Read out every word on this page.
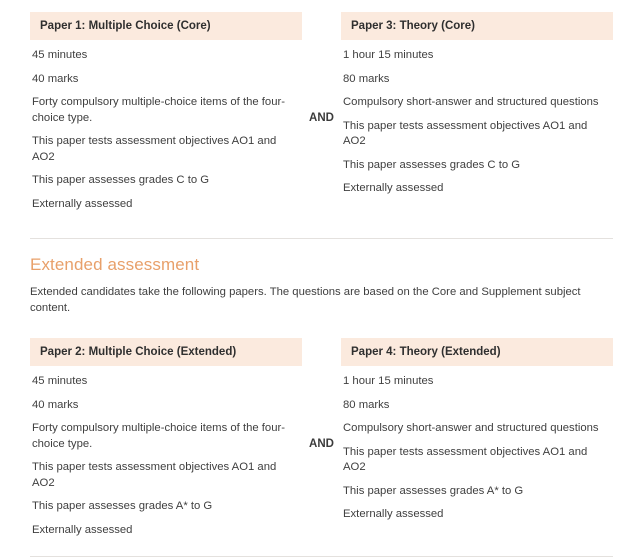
Paper 1: Multiple Choice (Core)
45 minutes
40 marks
Forty compulsory multiple-choice items of the four-choice type.
This paper tests assessment objectives AO1 and AO2
This paper assesses grades C to G
Externally assessed
AND
Paper 3: Theory (Core)
1 hour 15 minutes
80 marks
Compulsory short-answer and structured questions
This paper tests assessment objectives AO1 and AO2
This paper assesses grades C to G
Externally assessed
Extended assessment

Extended candidates take the following papers. The questions are based on the Core and Supplement subject content.

Paper 2: Multiple Choice (Extended)
45 minutes
40 marks
Forty compulsory multiple-choice items of the four-choice type.
This paper tests assessment objectives AO1 and AO2
This paper assesses grades A* to G
Externally assessed
AND
Paper 4: Theory (Extended)
1 hour 15 minutes
80 marks
Compulsory short-answer and structured questions
This paper tests assessment objectives AO1 and AO2
This paper assesses grades A* to G
Externally assessed
